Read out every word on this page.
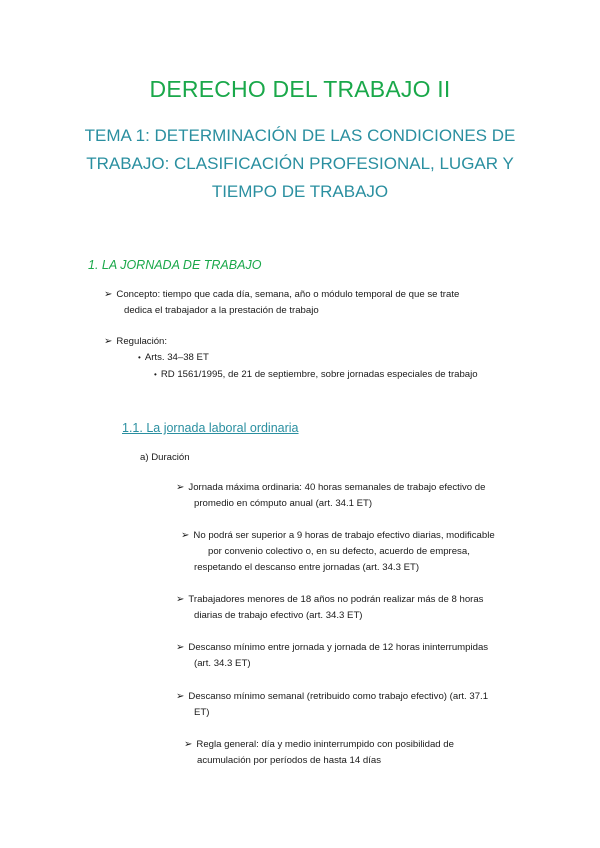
DERECHO DEL TRABAJO II
TEMA 1: DETERMINACIÓN DE LAS CONDICIONES DE TRABAJO: CLASIFICACIÓN PROFESIONAL, LUGAR Y TIEMPO DE TRABAJO
1. LA JORNADA DE TRABAJO
➢ Concepto: tiempo que cada día, semana, año o módulo temporal de que se trate
dedica el trabajador a la prestación de trabajo
➢ Regulación:
• Arts. 34–38 ET
• RD 1561/1995, de 21 de septiembre, sobre jornadas especiales de trabajo
1.1. La jornada laboral ordinaria
a) Duración
➢ Jornada máxima ordinaria: 40 horas semanales de trabajo efectivo de
promedio en cómputo anual (art. 34.1 ET)
➢ No podrá ser superior a 9 horas de trabajo efectivo diarias, modificable
por convenio colectivo o, en su defecto, acuerdo de empresa,
respetando el descanso entre jornadas (art. 34.3 ET)
➢ Trabajadores menores de 18 años no podrán realizar más de 8 horas
diarias de trabajo efectivo (art. 34.3 ET)
➢ Descanso mínimo entre jornada y jornada de 12 horas ininterrumpidas
(art. 34.3 ET)
➢ Descanso mínimo semanal (retribuido como trabajo efectivo) (art. 37.1
ET)
➢ Regla general: día y medio ininterrumpido con posibilidad de
acumulación por períodos de hasta 14 días
